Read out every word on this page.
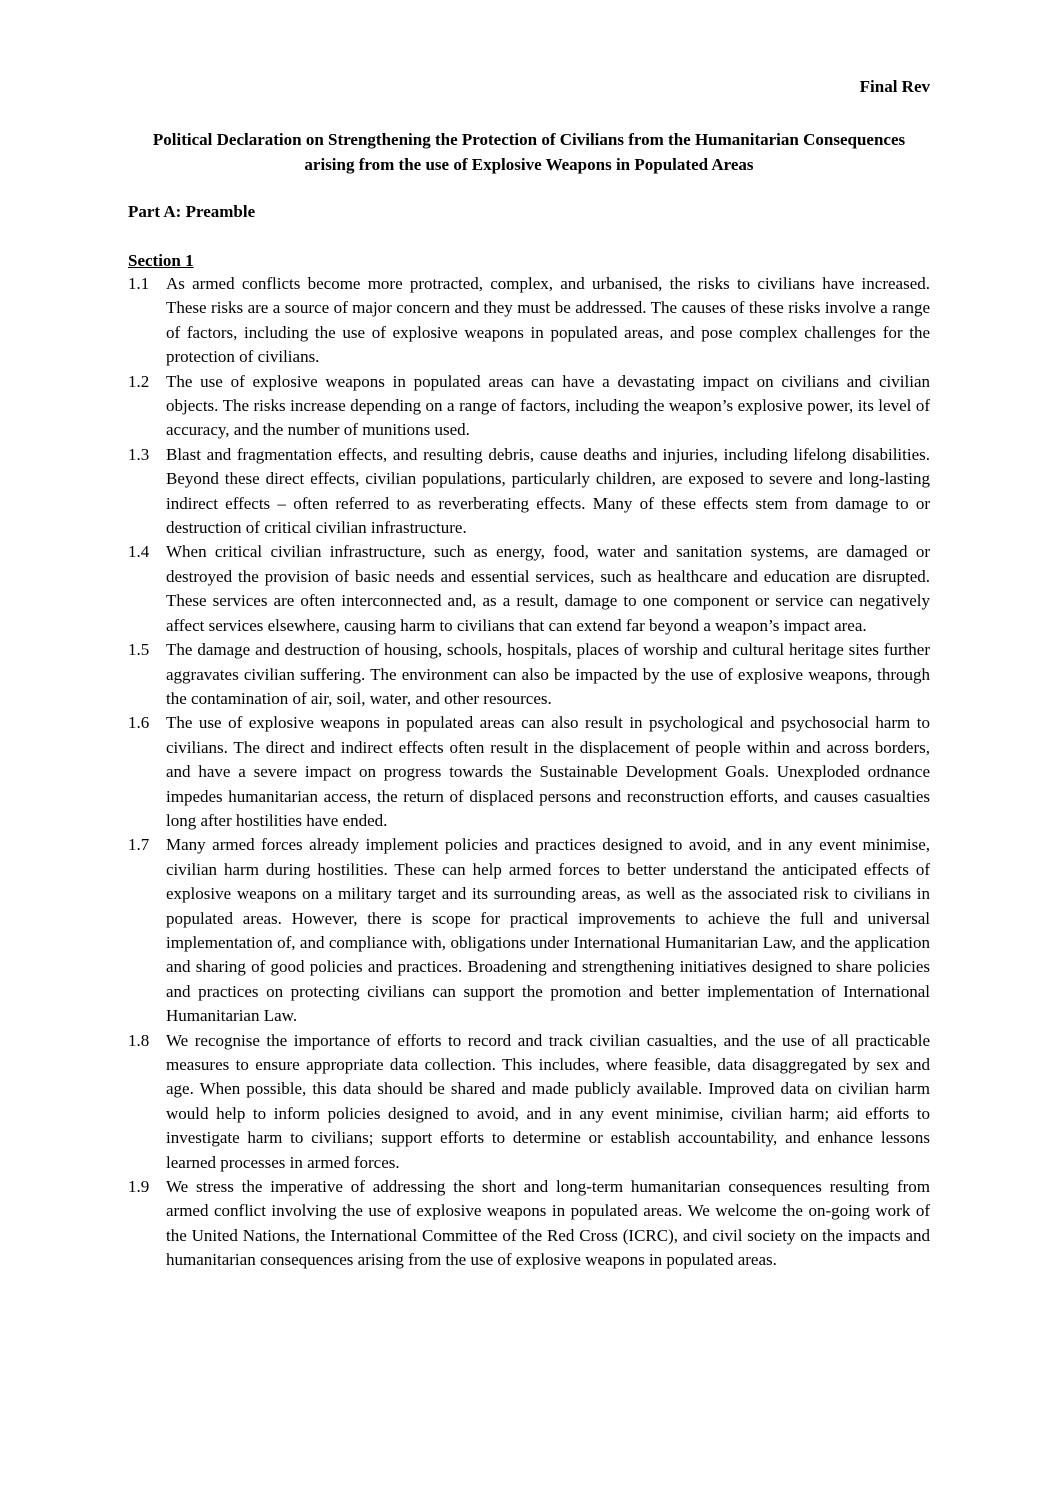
Final Rev
Political Declaration on Strengthening the Protection of Civilians from the Humanitarian Consequences arising from the use of Explosive Weapons in Populated Areas
Part A: Preamble
Section 1
1.1 As armed conflicts become more protracted, complex, and urbanised, the risks to civilians have increased. These risks are a source of major concern and they must be addressed. The causes of these risks involve a range of factors, including the use of explosive weapons in populated areas, and pose complex challenges for the protection of civilians.
1.2 The use of explosive weapons in populated areas can have a devastating impact on civilians and civilian objects. The risks increase depending on a range of factors, including the weapon’s explosive power, its level of accuracy, and the number of munitions used.
1.3 Blast and fragmentation effects, and resulting debris, cause deaths and injuries, including lifelong disabilities. Beyond these direct effects, civilian populations, particularly children, are exposed to severe and long-lasting indirect effects – often referred to as reverberating effects. Many of these effects stem from damage to or destruction of critical civilian infrastructure.
1.4 When critical civilian infrastructure, such as energy, food, water and sanitation systems, are damaged or destroyed the provision of basic needs and essential services, such as healthcare and education are disrupted. These services are often interconnected and, as a result, damage to one component or service can negatively affect services elsewhere, causing harm to civilians that can extend far beyond a weapon’s impact area.
1.5 The damage and destruction of housing, schools, hospitals, places of worship and cultural heritage sites further aggravates civilian suffering. The environment can also be impacted by the use of explosive weapons, through the contamination of air, soil, water, and other resources.
1.6 The use of explosive weapons in populated areas can also result in psychological and psychosocial harm to civilians. The direct and indirect effects often result in the displacement of people within and across borders, and have a severe impact on progress towards the Sustainable Development Goals. Unexploded ordnance impedes humanitarian access, the return of displaced persons and reconstruction efforts, and causes casualties long after hostilities have ended.
1.7 Many armed forces already implement policies and practices designed to avoid, and in any event minimise, civilian harm during hostilities. These can help armed forces to better understand the anticipated effects of explosive weapons on a military target and its surrounding areas, as well as the associated risk to civilians in populated areas. However, there is scope for practical improvements to achieve the full and universal implementation of, and compliance with, obligations under International Humanitarian Law, and the application and sharing of good policies and practices. Broadening and strengthening initiatives designed to share policies and practices on protecting civilians can support the promotion and better implementation of International Humanitarian Law.
1.8 We recognise the importance of efforts to record and track civilian casualties, and the use of all practicable measures to ensure appropriate data collection. This includes, where feasible, data disaggregated by sex and age. When possible, this data should be shared and made publicly available. Improved data on civilian harm would help to inform policies designed to avoid, and in any event minimise, civilian harm; aid efforts to investigate harm to civilians; support efforts to determine or establish accountability, and enhance lessons learned processes in armed forces.
1.9 We stress the imperative of addressing the short and long-term humanitarian consequences resulting from armed conflict involving the use of explosive weapons in populated areas. We welcome the on-going work of the United Nations, the International Committee of the Red Cross (ICRC), and civil society on the impacts and humanitarian consequences arising from the use of explosive weapons in populated areas.
